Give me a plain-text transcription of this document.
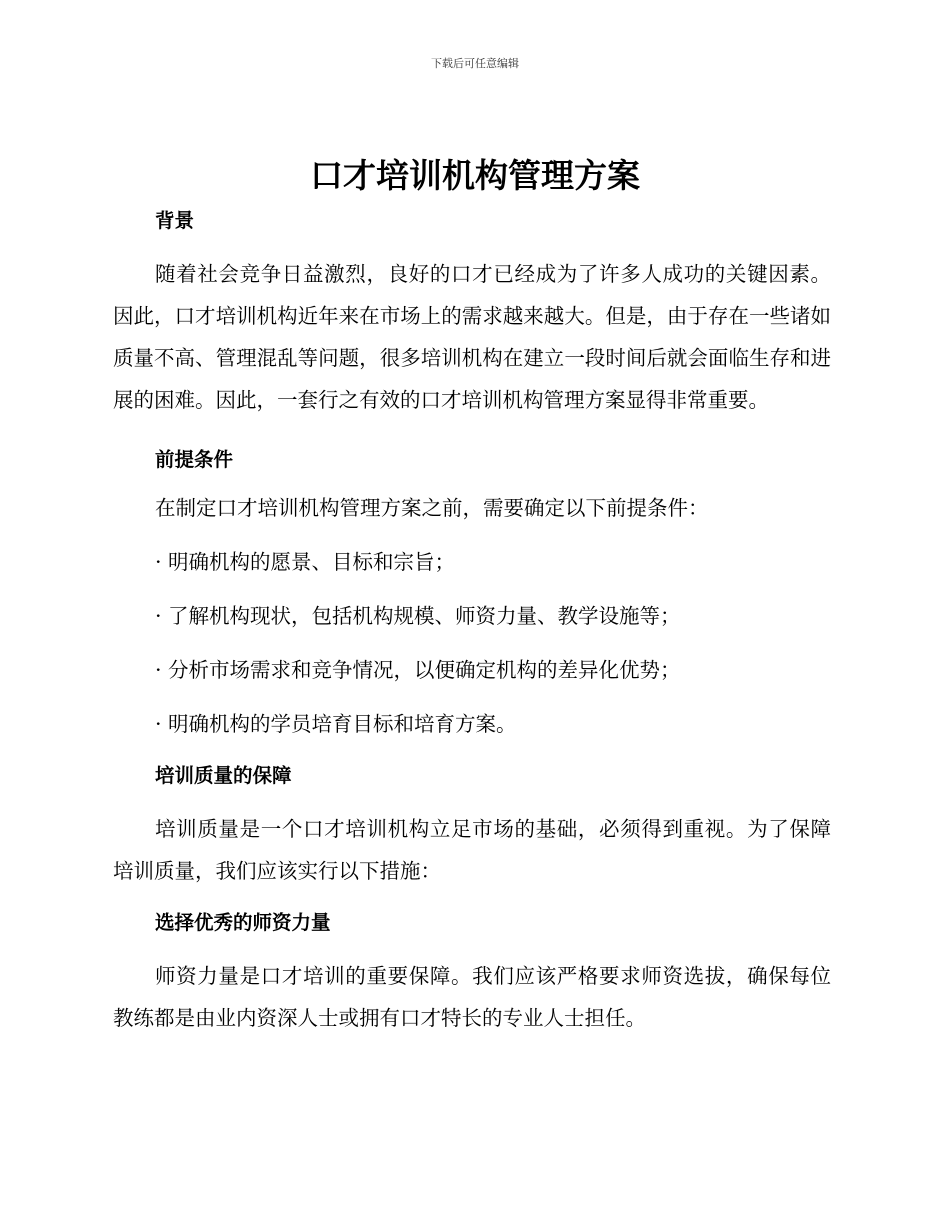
下载后可任意编辑
口才培训机构管理方案
背景

随着社会竞争日益激烈，良好的口才已经成为了许多人成功的关键因素。因此，口才培训机构近年来在市场上的需求越来越大。但是，由于存在一些诸如质量不高、管理混乱等问题，很多培训机构在建立一段时间后就会面临生存和进展的困难。因此，一套行之有效的口才培训机构管理方案显得非常重要。

前提条件

在制定口才培训机构管理方案之前，需要确定以下前提条件：

· 明确机构的愿景、目标和宗旨；

· 了解机构现状，包括机构规模、师资力量、教学设施等；

· 分析市场需求和竞争情况，以便确定机构的差异化优势；

· 明确机构的学员培育目标和培育方案。

培训质量的保障

培训质量是一个口才培训机构立足市场的基础，必须得到重视。为了保障培训质量，我们应该实行以下措施：

选择优秀的师资力量

师资力量是口才培训的重要保障。我们应该严格要求师资选拔，确保每位教练都是由业内资深人士或拥有口才特长的专业人士担任。
